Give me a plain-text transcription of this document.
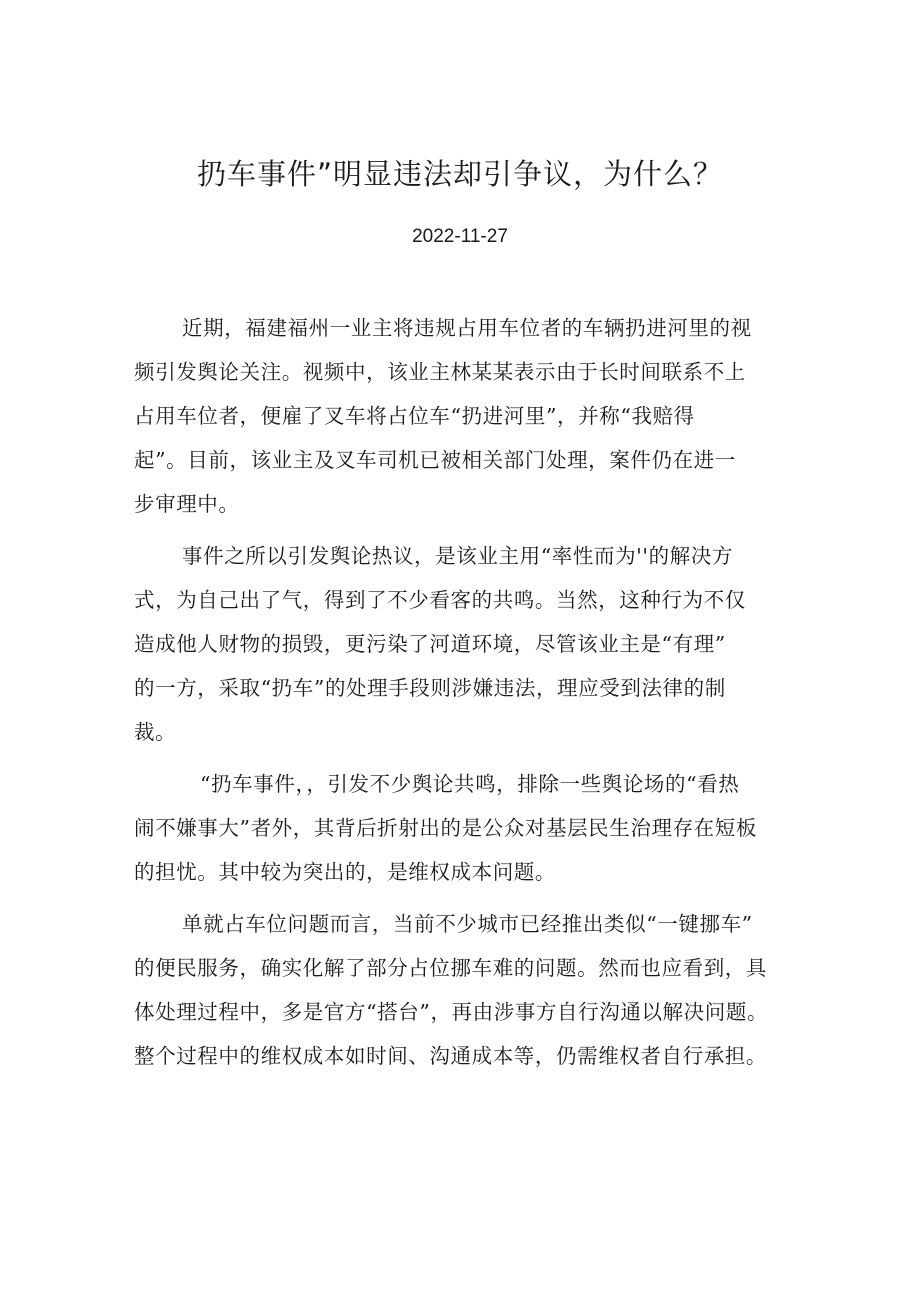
扔车事件”明显违法却引争议，为什么？
2022-11-27
近期，福建福州一业主将违规占用车位者的车辆扔进河里的视
频引发舆论关注。视频中，该业主林某某表示由于长时间联系不上
占用车位者，便雇了叉车将占位车“扔进河里”，并称“我赔得
起”。目前，该业主及叉车司机已被相关部门处理，案件仍在进一
步审理中。
事件之所以引发舆论热议，是该业主用“率性而为''的解决方
式，为自己出了气，得到了不少看客的共鸣。当然，这种行为不仅
造成他人财物的损毁，更污染了河道环境，尽管该业主是“有理”
的一方，采取“扔车”的处理手段则涉嫌违法，理应受到法律的制
裁。
“扔车事件，，引发不少舆论共鸣，排除一些舆论场的“看热
闹不嫌事大”者外，其背后折射出的是公众对基层民生治理存在短板
的担忧。其中较为突出的，是维权成本问题。
单就占车位问题而言，当前不少城市已经推出类似“一键挪车”
的便民服务，确实化解了部分占位挪车难的问题。然而也应看到，具
体处理过程中，多是官方“搭台”，再由涉事方自行沟通以解决问题。
整个过程中的维权成本如时间、沟通成本等，仍需维权者自行承担。
